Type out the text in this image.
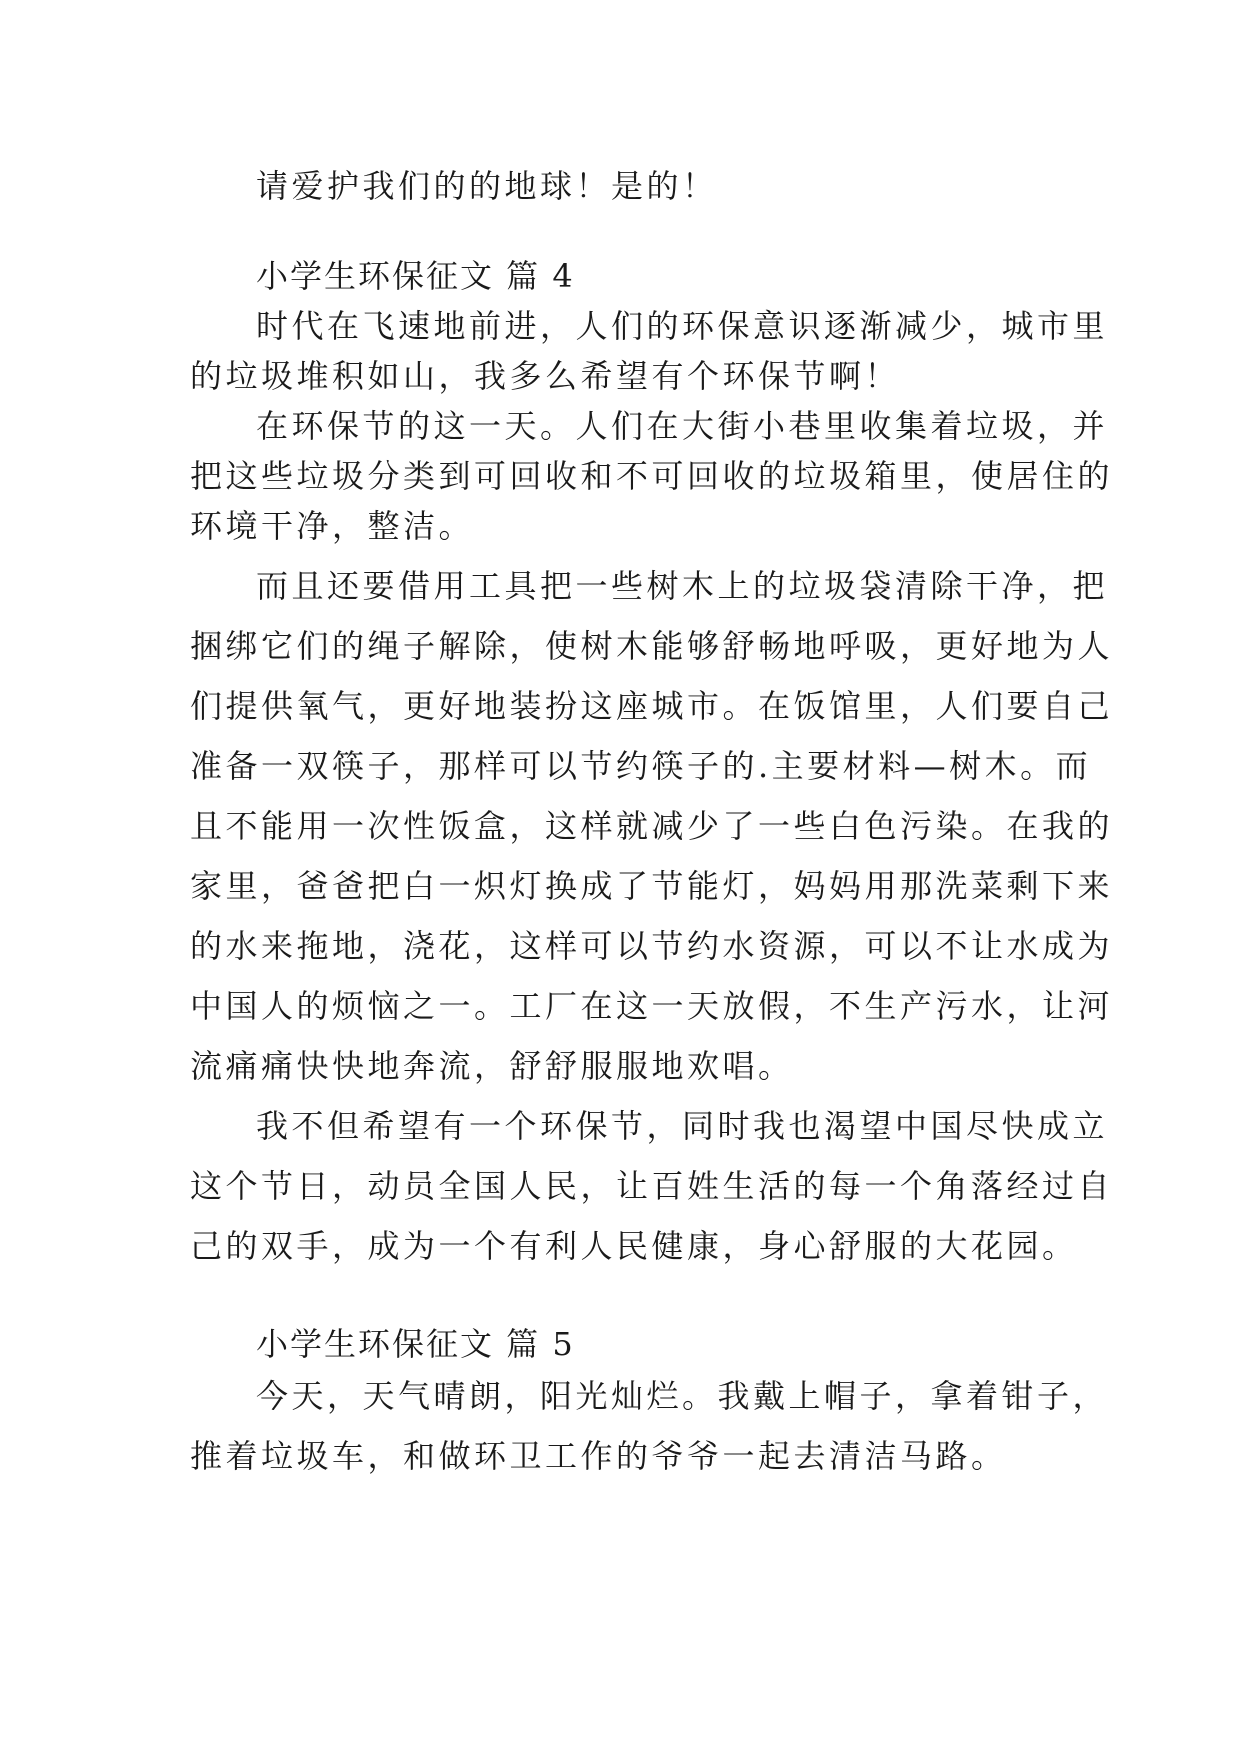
请爱护我们的的地球！是的！
小学生环保征文 篇 4
时代在飞速地前进，人们的环保意识逐渐减少，城市里
的垃圾堆积如山，我多么希望有个环保节啊！
在环保节的这一天。人们在大街小巷里收集着垃圾，并
把这些垃圾分类到可回收和不可回收的垃圾箱里，使居住的
环境干净，整洁。
而且还要借用工具把一些树木上的垃圾袋清除干净，把
捆绑它们的绳子解除，使树木能够舒畅地呼吸，更好地为人
们提供氧气，更好地装扮这座城市。在饭馆里，人们要自己
准备一双筷子，那样可以节约筷子的.主要材料—树木。而
且不能用一次性饭盒，这样就减少了一些白色污染。在我的
家里，爸爸把白一炽灯换成了节能灯，妈妈用那洗菜剩下来
的水来拖地，浇花，这样可以节约水资源，可以不让水成为
中国人的烦恼之一。工厂在这一天放假，不生产污水，让河
流痛痛快快地奔流，舒舒服服地欢唱。
我不但希望有一个环保节，同时我也渴望中国尽快成立
这个节日，动员全国人民，让百姓生活的每一个角落经过自
己的双手，成为一个有利人民健康，身心舒服的大花园。
小学生环保征文 篇 5
今天，天气晴朗，阳光灿烂。我戴上帽子，拿着钳子，
推着垃圾车，和做环卫工作的爷爷一起去清洁马路。
